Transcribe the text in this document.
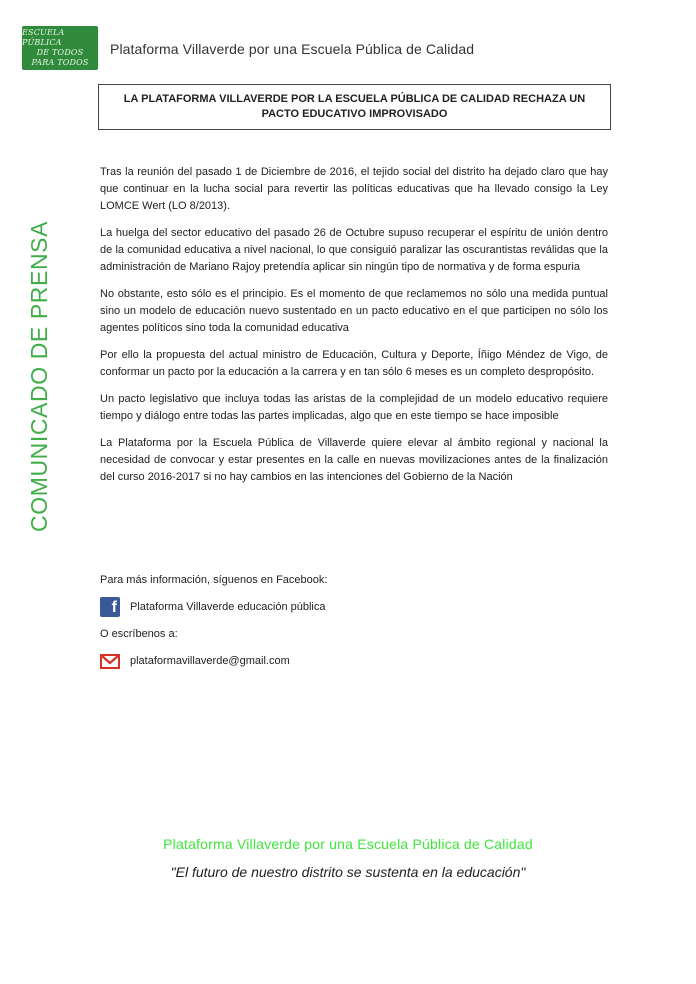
ESCUELA PÚBLICA
DE TODOS
PARA TODOS
Plataforma Villaverde por una Escuela Pública de Calidad

LA PLATAFORMA VILLAVERDE POR LA ESCUELA PÚBLICA DE CALIDAD RECHAZA UN PACTO EDUCATIVO IMPROVISADO

COMUNICADO DE PRENSA

Tras la reunión del pasado 1 de Diciembre de 2016, el tejido social del distrito ha dejado claro que hay que continuar en la lucha social para revertir las políticas educativas que ha llevado consigo la Ley LOMCE Wert (LO 8/2013).

La huelga del sector educativo del pasado 26 de Octubre supuso recuperar el espíritu de unión dentro de la comunidad educativa a nivel nacional, lo que consiguió paralizar las oscurantistas reválidas que la administración de Mariano Rajoy pretendía aplicar sin ningún tipo de normativa y de forma espuria

No obstante, esto sólo es el principio. Es el momento de que reclamemos no sólo una medida puntual sino un modelo de educación nuevo sustentado en un pacto educativo en el que participen no sólo los agentes políticos sino toda la comunidad educativa

Por ello la propuesta del actual ministro de Educación, Cultura y Deporte, Íñigo Méndez de Vigo, de conformar un pacto por la educación a la carrera y en tan sólo 6 meses es un completo despropósito.

Un pacto legislativo que incluya todas las aristas de la complejidad de un modelo educativo requiere tiempo y diálogo entre todas las partes implicadas, algo que en este tiempo se hace imposible

La Plataforma por la Escuela Pública de Villaverde quiere elevar al ámbito regional y nacional la necesidad de convocar y estar presentes en la calle en nuevas movilizaciones antes de la finalización del curso 2016-2017 si no hay cambios en las intenciones del Gobierno de la Nación

Para más información, síguenos en Facebook:
f Plataforma Villaverde educación pública
O escríbenos a:
plataformavillaverde@gmail.com
Plataforma Villaverde por una Escuela Pública de Calidad
"El futuro de nuestro distrito se sustenta en la educación"
